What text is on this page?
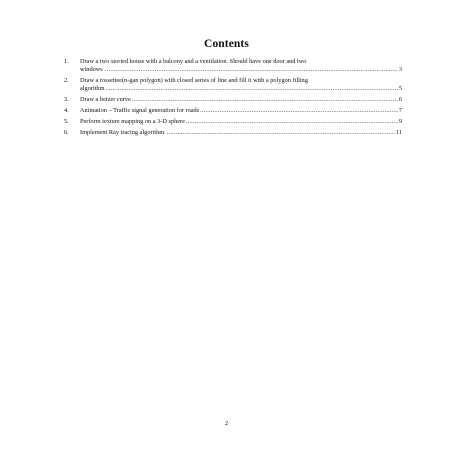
Contents
1. Draw a two storied house with a balcony and a ventilation. Should have one door and two
windows . .....	3
2. Draw a rossettee(n-gan polygon) with closed series of line and fill it with a polygon filling
algorithm .....	5
3. Draw a beizer curve .....	6
4. Animation – Traffic signal generation for roads .....	7
5. Perform texture mapping on a 3-D sphere .....	9
6. Implement Ray tracing algorithm. .....	11
2
